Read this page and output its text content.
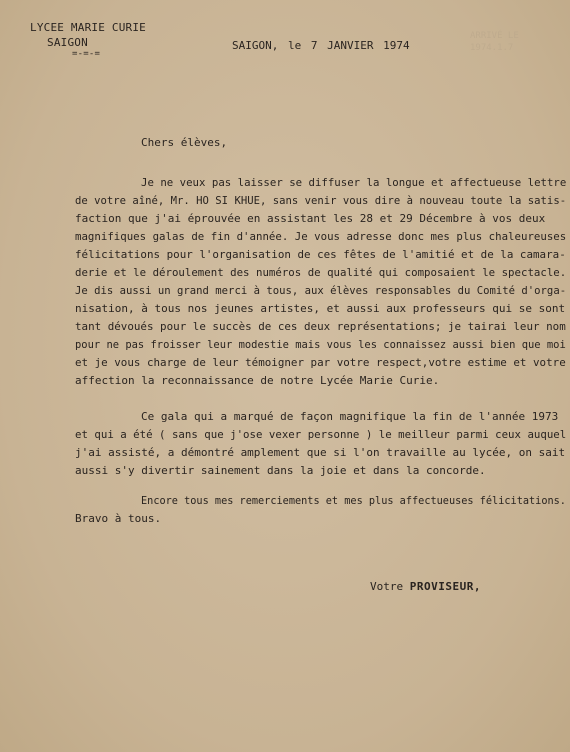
LYCEE MARIE CURIE
SAIGON
=-=-=
SAIGON, le 7 JANVIER 1974
ARRIVÉ LE
1974.1.7
Chers élèves,
Je ne veux pas laisser se diffuser la longue et affectueuse lettre
de votre aîné, Mr. HO SI KHUE, sans venir vous dire à nouveau toute la satis-
faction que j'ai éprouvée en assistant les 28 et 29 Décembre à vos deux
magnifiques galas de fin d'année. Je vous adresse donc mes plus chaleureuses
félicitations pour l'organisation de ces fêtes de l'amitié et de la camara-
derie et le déroulement des numéros de qualité qui composaient le spectacle.
Je dis aussi un grand merci à tous, aux élèves responsables du Comité d'orga-
nisation, à tous nos jeunes artistes, et aussi aux professeurs qui se sont
tant dévoués pour le succès de ces deux représentations; je tairai leur nom
pour ne pas froisser leur modestie mais vous les connaissez aussi bien que moi
et je vous charge de leur témoigner par votre respect,votre estime et votre
affection la reconnaissance de notre Lycée Marie Curie.
Ce gala qui a marqué de façon magnifique la fin de l'année 1973
et qui a été ( sans que j'ose vexer personne ) le meilleur parmi ceux auquel
j'ai assisté, a démontré amplement que si l'on travaille au lycée, on sait
aussi s'y divertir sainement dans la joie et dans la concorde.
Encore tous mes remerciements et mes plus affectueuses félicitations.
Bravo à tous.
Votre PROVISEUR,
